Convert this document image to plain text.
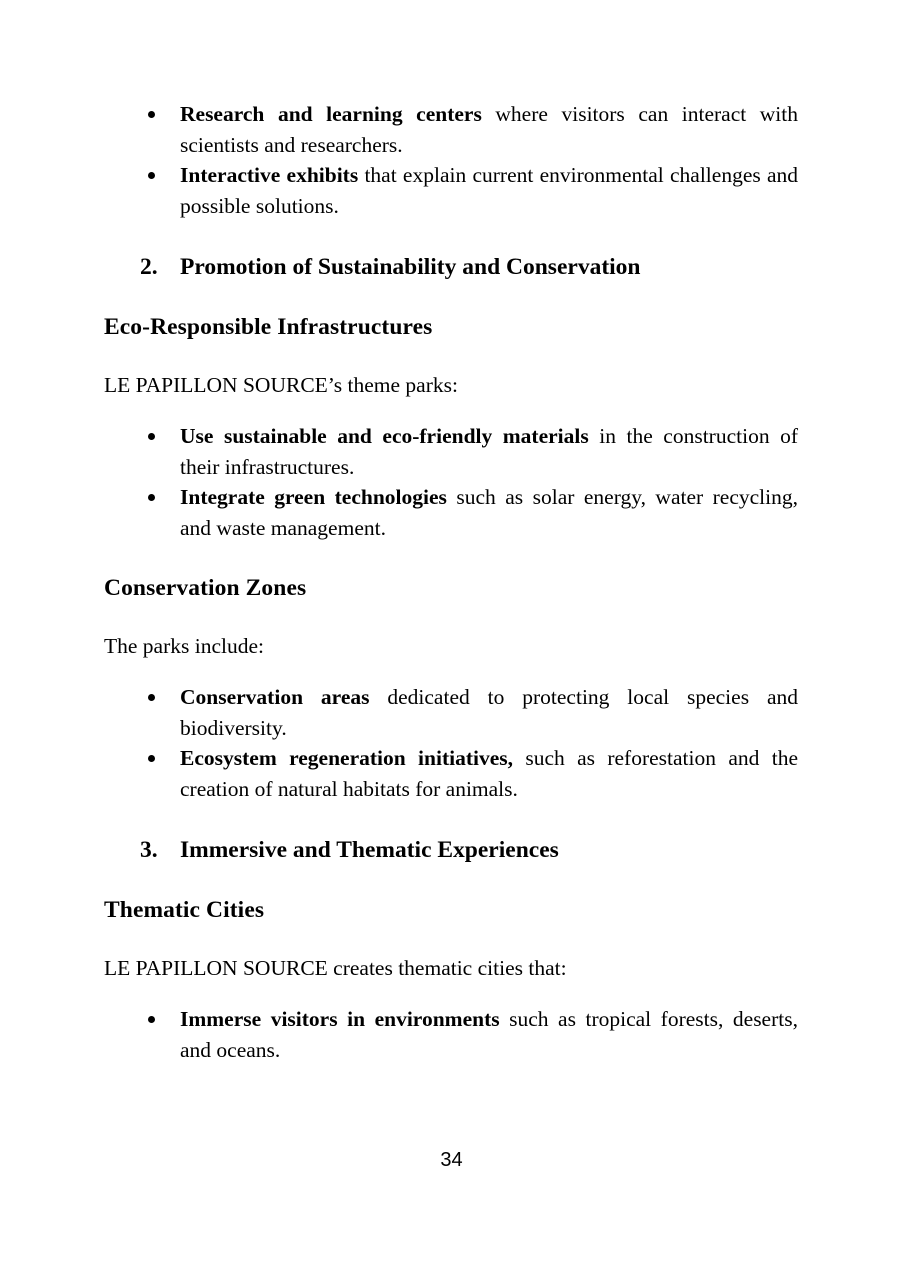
Research and learning centers where visitors can interact with scientists and researchers.
Interactive exhibits that explain current environmental challenges and possible solutions.
2. Promotion of Sustainability and Conservation
Eco-Responsible Infrastructures

LE PAPILLON SOURCE’s theme parks:

Use sustainable and eco-friendly materials in the construction of their infrastructures.
Integrate green technologies such as solar energy, water recycling, and waste management.
Conservation Zones

The parks include:

Conservation areas dedicated to protecting local species and biodiversity.
Ecosystem regeneration initiatives, such as reforestation and the creation of natural habitats for animals.
3. Immersive and Thematic Experiences
Thematic Cities

LE PAPILLON SOURCE creates thematic cities that:

Immerse visitors in environments such as tropical forests, deserts, and oceans.
34
